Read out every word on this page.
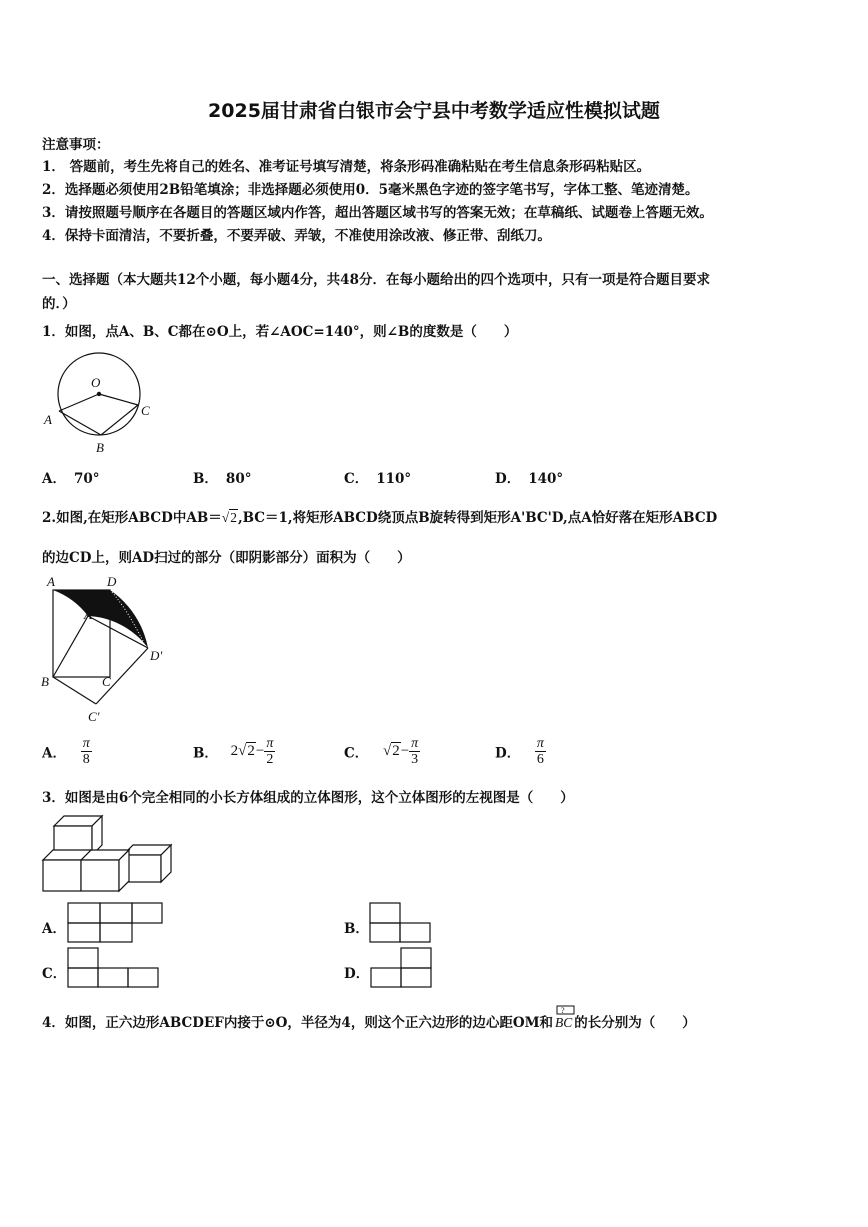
2025届甘肃省白银市会宁县中考数学适应性模拟试题
注意事项：
1． 答题前，考生先将自己的姓名、准考证号填写清楚，将条形码准确粘贴在考生信息条形码粘贴区。
2．选择题必须使用2B铅笔填涂；非选择题必须使用0．5毫米黑色字迹的签字笔书写，字体工整、笔迹清楚。
3．请按照题号顺序在各题目的答题区域内作答，超出答题区域书写的答案无效；在草稿纸、试题卷上答题无效。
4．保持卡面清洁，不要折叠，不要弄破、弄皱，不准使用涂改液、修正带、刮纸刀。
一、选择题（本大题共12个小题，每小题4分，共48分．在每小题给出的四个选项中，只有一项是符合题目要求
的．）
1．如图，点A、B、C都在⊙O上，若∠AOC=140°，则∠B的度数是（　　）
O
A
B
C
A． 70°	B． 80°	C． 110°	D． 140°
2.如图,在矩形ABCD中AB＝√2,BC＝1,将矩形ABCD绕顶点B旋转得到矩形A'BC'D,点A恰好落在矩形ABCD
的边CD上，则AD扫过的部分（即阴影部分）面积为（　　）
A	D
A'
D'
B	C
C'
A． $\frac{\pi}{8}$	B． $2√2- \frac{\pi}{2}$	C． $√2- \frac{\pi}{3}$	D． $\frac{\pi}{6}$
3．如图是由6个完全相同的小长方体组成的立体图形，这个立体图形的左视图是（　　）
A．	B．
C．	D．
4．如图，正六边形ABCDEF内接于⊙O，半径为4，则这个正六边形的边心距OM和
?
BC 的长分别为（　　）
